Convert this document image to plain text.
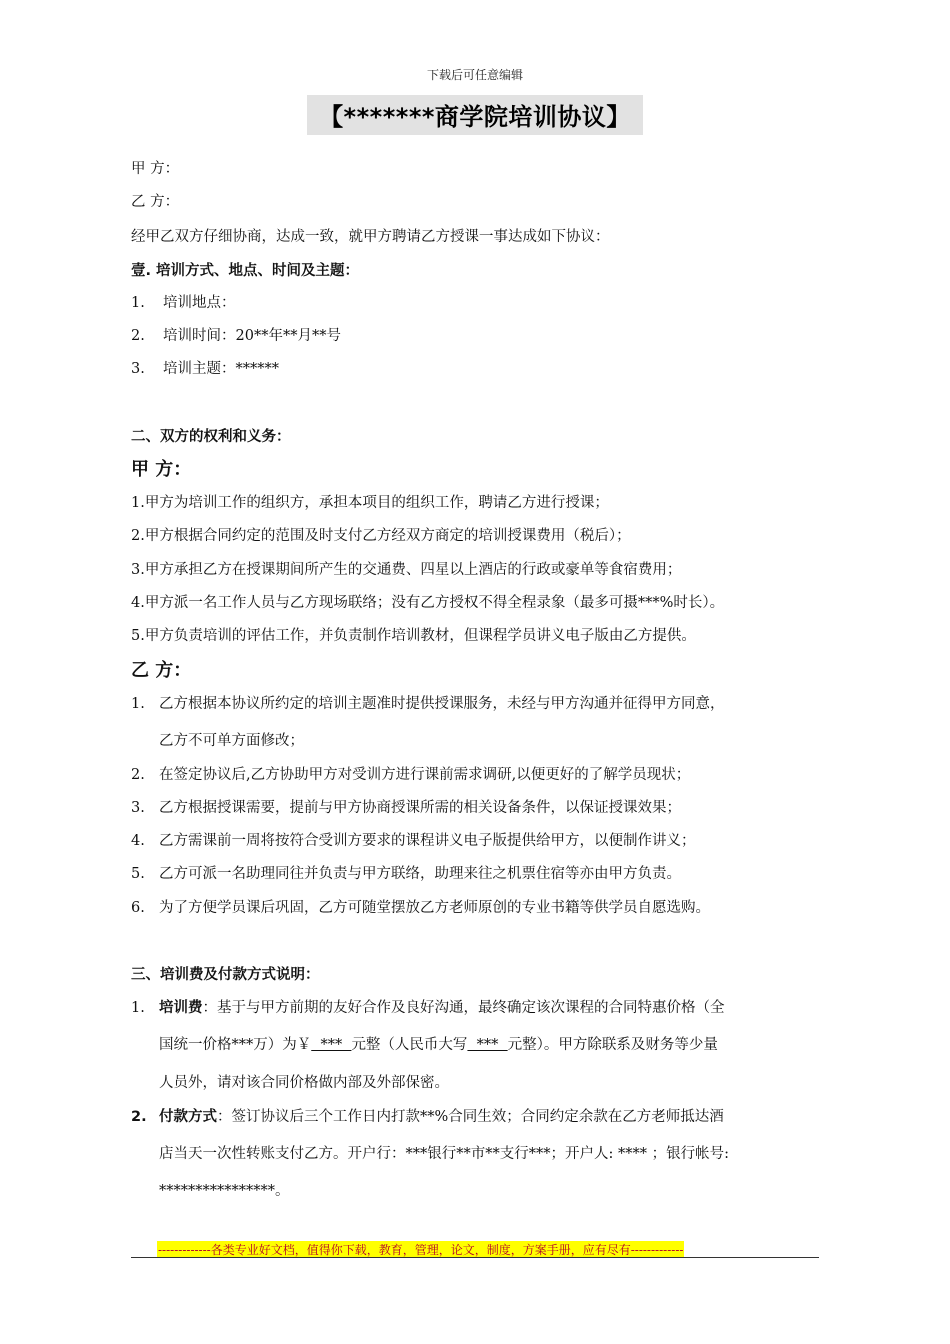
下载后可任意编辑
【*******商学院培训协议】
甲 方：
乙 方：
经甲乙双方仔细协商，达成一致，就甲方聘请乙方授课一事达成如下协议：
壹. 培训方式、地点、时间及主题：
1. 培训地点：
2. 培训时间：20**年**月**号
3. 培训主题：******
二、双方的权利和义务：
甲 方：
1.甲方为培训工作的组织方，承担本项目的组织工作，聘请乙方进行授课；
2.甲方根据合同约定的范围及时支付乙方经双方商定的培训授课费用（税后）；
3.甲方承担乙方在授课期间所产生的交通费、四星以上酒店的行政或豪单等食宿费用；
4.甲方派一名工作人员与乙方现场联络；没有乙方授权不得全程录象（最多可摄***%时长）。
5.甲方负责培训的评估工作，并负责制作培训教材，但课程学员讲义电子版由乙方提供。
乙 方：
1. 乙方根据本协议所约定的培训主题准时提供授课服务，未经与甲方沟通并征得甲方同意，
乙方不可单方面修改；
2. 在签定协议后,乙方协助甲方对受训方进行课前需求调研,以便更好的了解学员现状；
3. 乙方根据授课需要，提前与甲方协商授课所需的相关设备条件，以保证授课效果；
4. 乙方需课前一周将按符合受训方要求的课程讲义电子版提供给甲方，以便制作讲义；
5. 乙方可派一名助理同往并负责与甲方联络，助理来往之机票住宿等亦由甲方负责。
6. 为了方便学员课后巩固，乙方可随堂摆放乙方老师原创的专业书籍等供学员自愿选购。
三、培训费及付款方式说明：
1. 培训费：基于与甲方前期的友好合作及良好沟通，最终确定该次课程的合同特惠价格（全
国统一价格***万）为￥  ***  元整（人民币大写  ***  元整）。甲方除联系及财务等少量
人员外，请对该合同价格做内部及外部保密。
2. 付款方式：签订协议后三个工作日内打款**%合同生效；合同约定余款在乙方老师抵达酒
店当天一次性转账支付乙方。开户行：***银行**市**支行***；开户人: **** ；银行帐号:
****************。
-------------各类专业好文档，值得你下载，教育，管理，论文，制度，方案手册，应有尽有-------------
